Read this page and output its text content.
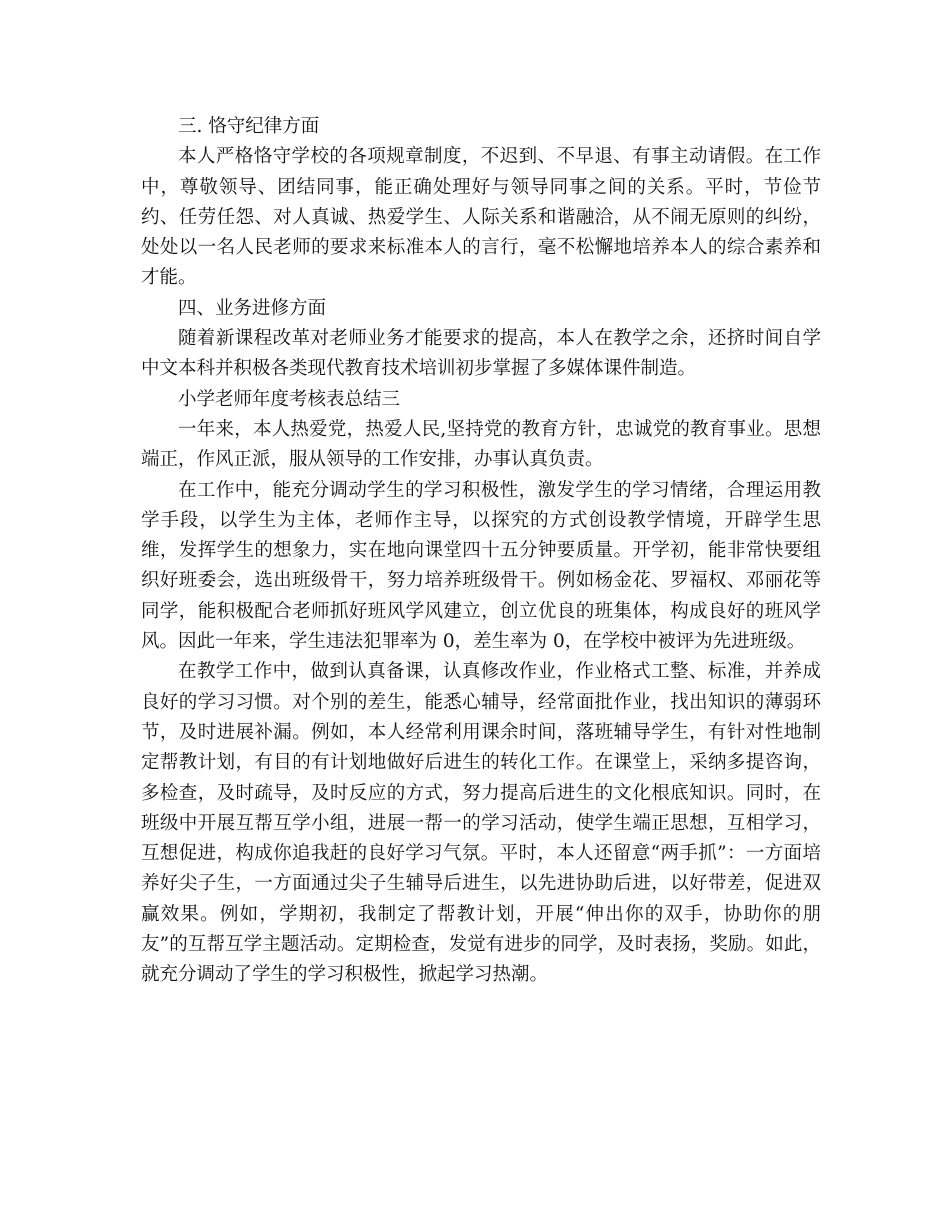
三. 恪守纪律方面

本人严格恪守学校的各项规章制度，不迟到、不早退、有事主动请假。在工作中，尊敬领导、团结同事，能正确处理好与领导同事之间的关系。平时，节俭节约、任劳任怨、对人真诚、热爱学生、人际关系和谐融洽，从不闹无原则的纠纷，处处以一名人民老师的要求来标准本人的言行，毫不松懈地培养本人的综合素养和才能。

四、业务进修方面

随着新课程改革对老师业务才能要求的提高，本人在教学之余，还挤时间自学中文本科并积极各类现代教育技术培训初步掌握了多媒体课件制造。

小学老师年度考核表总结三

一年来，本人热爱党，热爱人民,坚持党的教育方针，忠诚党的教育事业。思想端正，作风正派，服从领导的工作安排，办事认真负责。

在工作中，能充分调动学生的学习积极性，激发学生的学习情绪，合理运用教学手段，以学生为主体，老师作主导，以探究的方式创设教学情境，开辟学生思维，发挥学生的想象力，实在地向课堂四十五分钟要质量。开学初，能非常快要组织好班委会，选出班级骨干，努力培养班级骨干。例如杨金花、罗福权、邓丽花等同学，能积极配合老师抓好班风学风建立，创立优良的班集体，构成良好的班风学风。因此一年来，学生违法犯罪率为 0，差生率为 0，在学校中被评为先进班级。

在教学工作中，做到认真备课，认真修改作业，作业格式工整、标准，并养成良好的学习习惯。对个别的差生，能悉心辅导，经常面批作业，找出知识的薄弱环节，及时进展补漏。例如，本人经常利用课余时间，落班辅导学生，有针对性地制定帮教计划，有目的有计划地做好后进生的转化工作。在课堂上，采纳多提咨询，多检查，及时疏导，及时反应的方式，努力提高后进生的文化根底知识。同时，在班级中开展互帮互学小组，进展一帮一的学习活动，使学生端正思想，互相学习，互想促进，构成你追我赶的良好学习气氛。平时，本人还留意“两手抓”：一方面培养好尖子生，一方面通过尖子生辅导后进生，以先进协助后进，以好带差，促进双赢效果。例如，学期初，我制定了帮教计划，开展“伸出你的双手，协助你的朋友”的互帮互学主题活动。定期检查，发觉有进步的同学，及时表扬，奖励。如此，就充分调动了学生的学习积极性，掀起学习热潮。
